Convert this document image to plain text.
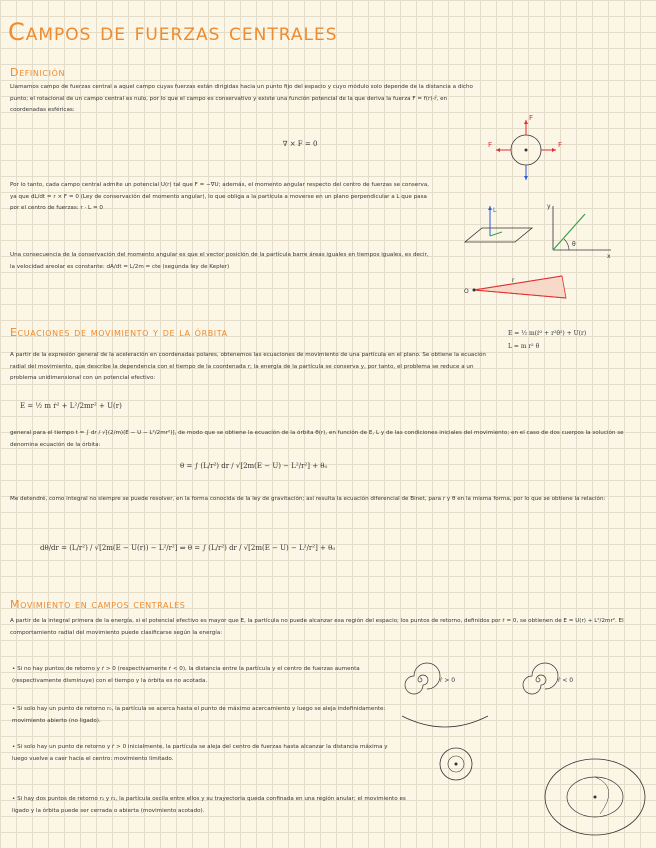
Campos de fuerzas centrales
Definición
Llamamos campo de fuerzas central a aquel campo cuyas fuerzas están dirigidas hacia un punto fijo del espacio y cuyo módulo solo depende de la distancia a dicho punto; el rotacional de un campo central es nulo, por lo que el campo es conservativo y existe una función potencial de la que deriva la fuerza F = f(r)·ȓ, en coordenadas esféricas:
∇ × F = 0
Por lo tanto, cada campo central admite un potencial U(r) tal que F = −∇U; además, el momento angular respecto del centro de fuerzas se conserva, ya que dL/dt = r × F = 0 (Ley de conservación del momento angular), lo que obliga a la partícula a moverse en un plano perpendicular a L que pasa por el centro de fuerzas: r · L = 0
Una consecuencia de la conservación del momento angular es que el vector posición de la partícula barre áreas iguales en tiempos iguales, es decir, la velocidad areolar es constante: dA/dt = L/2m = cte (segunda ley de Kepler)
F	F
F
L
x
y
θ
O
r
Ecuaciones de movimiento y de la órbita	E = ½ m(ṙ² + r²θ̇²) + U(r)
L = m r² θ̇
A partir de la expresión general de la aceleración en coordenadas polares, obtenemos las ecuaciones de movimiento de una partícula en el plano. Se obtiene la ecuación radial del movimiento, que describe la dependencia con el tiempo de la coordenada r; la energía de la partícula se conserva y, por tanto, el problema se reduce a un problema unidimensional con un potencial efectivo:
E = ½ m ṙ² + L²/2mr² + U(r)
general para el tiempo t = ∫ dr / √[(2/m)(E − U − L²/2mr²)], de modo que se obtiene la ecuación de la órbita θ(r), en función de E, L y de las condiciones iniciales del movimiento; en el caso de dos cuerpos la solución se denomina ecuación de la órbita:
θ = ∫ (L/r²) dr / √[2m(E − U) − L²/r²] + θ₀
Me detendré, como integral no siempre se puede resolver, en la forma conocida de la ley de gravitación; así resulta la ecuación diferencial de Binet, para r y θ en la misma forma, por lo que se obtiene la relación:
dθ/dr = (L/r²) / √[2m(E − U(r)) − L²/r²] ⇒ θ = ∫ (L/r²) dr / √[2m(E − U) − L²/r²] + θ₀
Movimiento en campos centrales
A partir de la integral primera de la energía, si el potencial efectivo es mayor que E, la partícula no puede alcanzar esa región del espacio; los puntos de retorno, definidos por ṙ = 0, se obtienen de E = U(r) + L²/2mr². El comportamiento radial del movimiento puede clasificarse según la energía:
• Si no hay puntos de retorno y ṙ > 0 (respectivamente ṙ < 0), la distancia entre la partícula y el centro de fuerzas aumenta (respectivamente disminuye) con el tiempo y la órbita es no acotada.
• Si solo hay un punto de retorno r₀, la partícula se acerca hasta el punto de máximo acercamiento y luego se aleja indefinidamente: movimiento abierto (no ligado).
• Si solo hay un punto de retorno y ṙ > 0 inicialmente, la partícula se aleja del centro de fuerzas hasta alcanzar la distancia máxima y luego vuelve a caer hacia el centro: movimiento limitado.
• Si hay dos puntos de retorno r₁ y r₂, la partícula oscila entre ellos y su trayectoria queda confinada en una región anular; el movimiento es ligado y la órbita puede ser cerrada o abierta (movimiento acotado).
ṙ > 0	ṙ < 0
